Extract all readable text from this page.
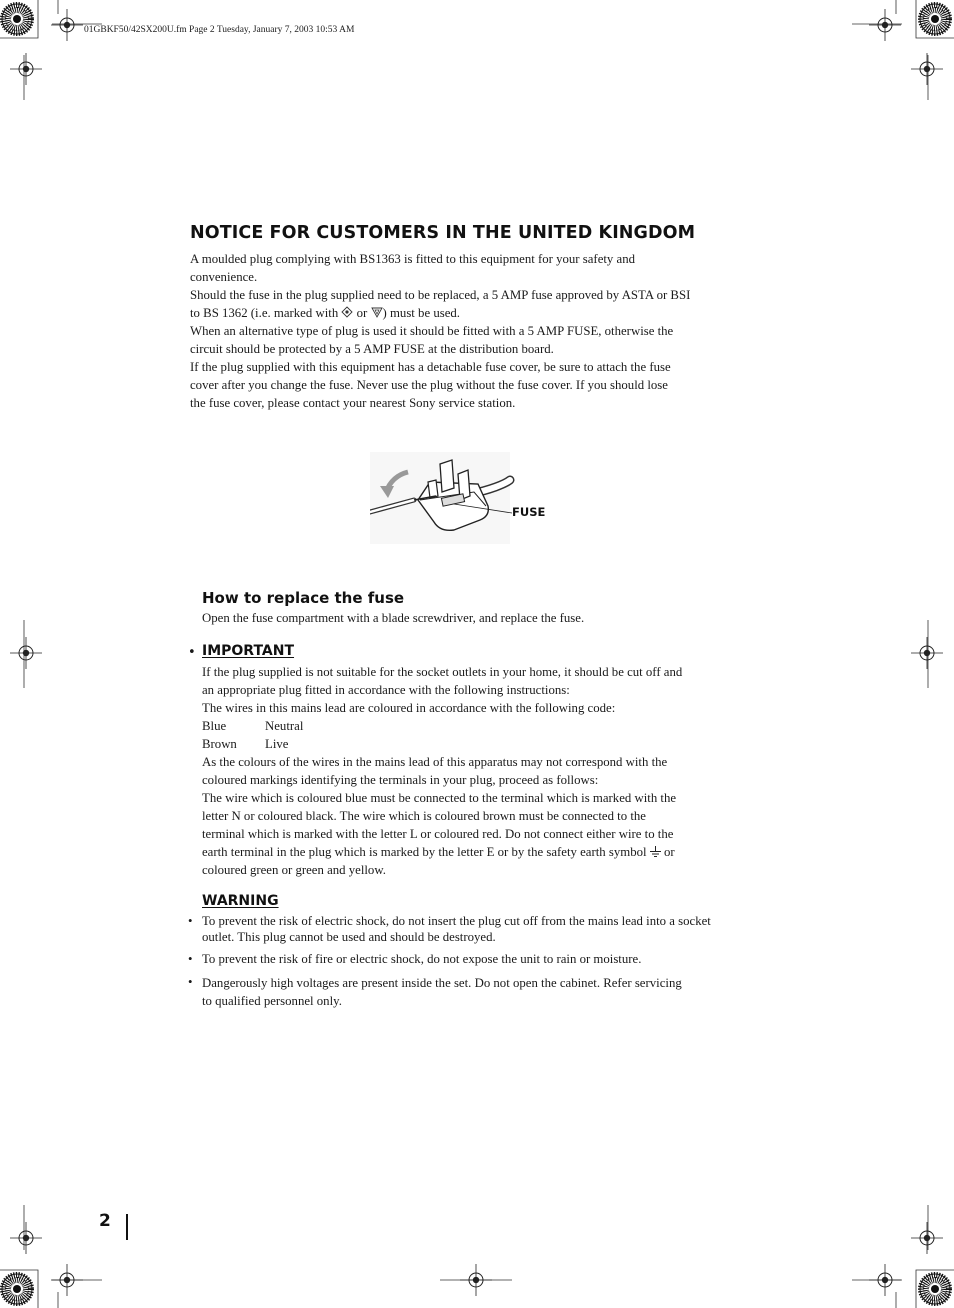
01GBKF50/42SX200U.fm Page 2 Tuesday, January 7, 2003 10:53 AM
NOTICE FOR CUSTOMERS IN THE UNITED KINGDOM

A moulded plug complying with BS1363 is fitted to this equipment for your safety and

convenience.

Should the fuse in the plug supplied need to be replaced, a 5 AMP fuse approved by ASTA or BSI

to BS 1362 (i.e. marked with or ) must be used.

When an alternative type of plug is used it should be fitted with a 5 AMP FUSE, otherwise the

circuit should be protected by a 5 AMP FUSE at the distribution board.

If the plug supplied with this equipment has a detachable fuse cover, be sure to attach the fuse

cover after you change the fuse. Never use the plug without the fuse cover. If you should lose

the fuse cover, please contact your nearest Sony service station.

FUSE
How to replace the fuse
Open the fuse compartment with a blade screwdriver, and replace the fuse.
• IMPORTANT

If the plug supplied is not suitable for the socket outlets in your home, it should be cut off and

an appropriate plug fitted in accordance with the following instructions:

The wires in this mains lead are coloured in accordance with the following code:

Blue	Neutral
Brown	Live

As the colours of the wires in the mains lead of this apparatus may not correspond with the

coloured markings identifying the terminals in your plug, proceed as follows:

The wire which is coloured blue must be connected to the terminal which is marked with the

letter N or coloured black. The wire which is coloured brown must be connected to the

terminal which is marked with the letter L or coloured red. Do not connect either wire to the

earth terminal in the plug which is marked by the letter E or by the safety earth symbol or

coloured green or green and yellow.

WARNING
• To prevent the risk of electric shock, do not insert the plug cut off from the mains lead into a socket
outlet. This plug cannot be used and should be destroyed.
• To prevent the risk of fire or electric shock, do not expose the unit to rain or moisture.
• Dangerously high voltages are present inside the set. Do not open the cabinet. Refer servicing
to qualified personnel only.
2
